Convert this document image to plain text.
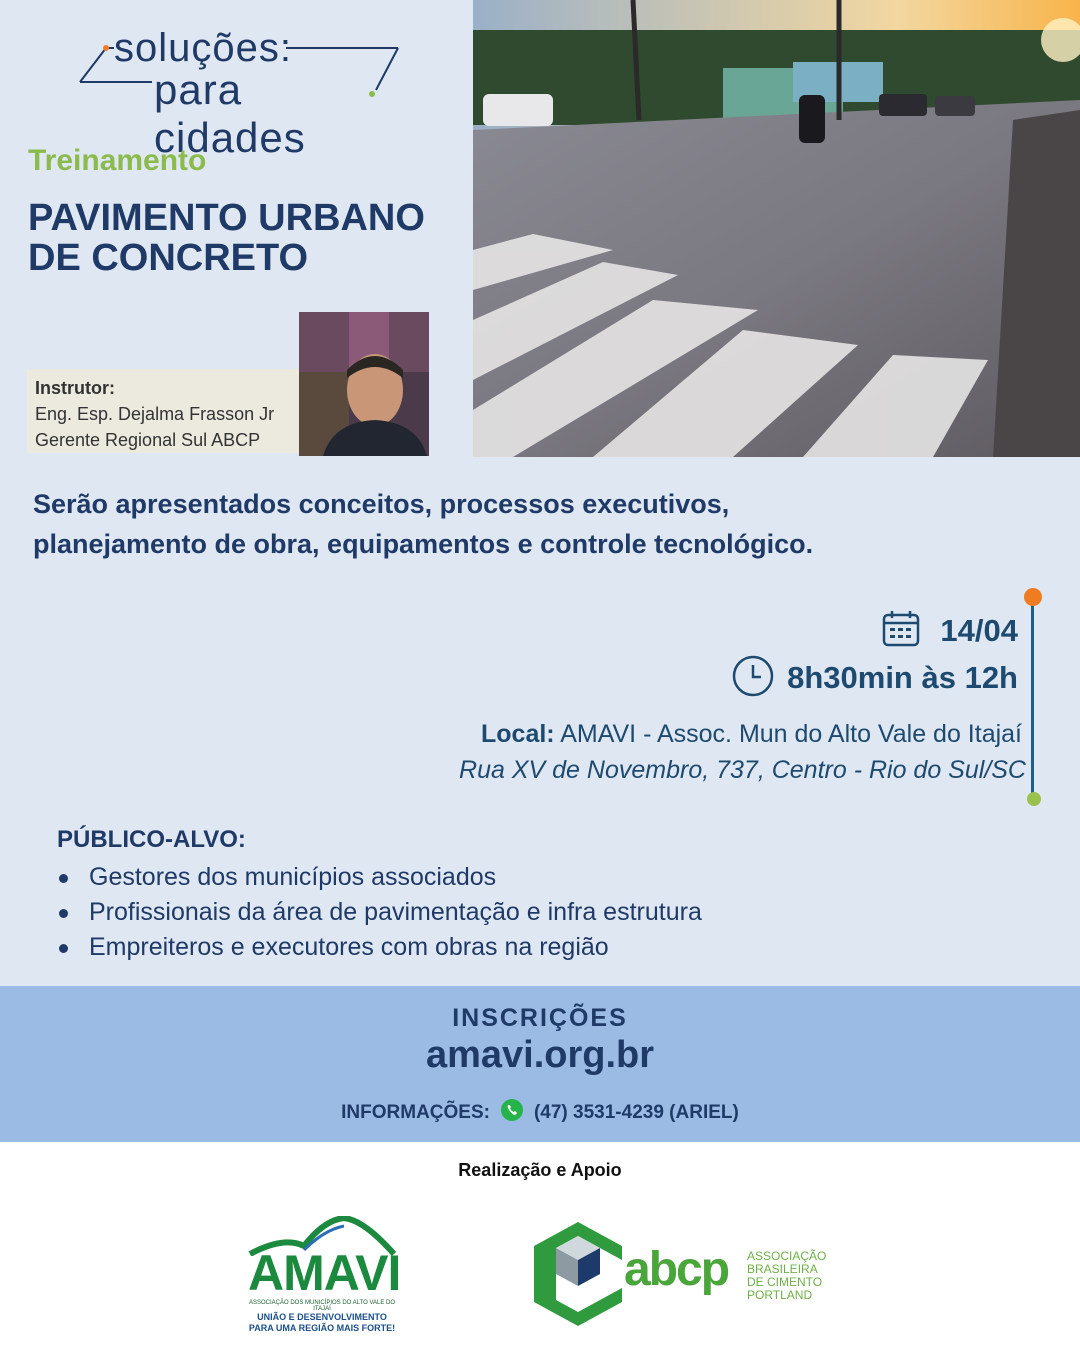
soluções:
para cidades
Treinamento
PAVIMENTO URBANO
DE CONCRETO
Instrutor:
Eng. Esp. Dejalma Frasson Jr
Gerente Regional Sul ABCP
Serão apresentados conceitos, processos executivos,
planejamento de obra, equipamentos e controle tecnológico.
14/04
8h30min às 12h
Local: AMAVI - Assoc. Mun do Alto Vale do Itajaí
Rua XV de Novembro, 737, Centro - Rio do Sul/SC
PÚBLICO-ALVO:
Gestores dos municípios associados
Profissionais da área de pavimentação e infra estrutura
Empreiteros e executores com obras na região
INSCRIÇÕES
amavi.org.br
INFORMAÇÕES: (47) 3531-4239 (ARIEL)
Realização e Apoio
AMAVI
ASSOCIAÇÃO DOS MUNICÍPIOS DO ALTO VALE DO ITAJAÍ
UNIÃO E DESENVOLVIMENTO
PARA UMA REGIÃO MAIS FORTE!
abcp ASSOCIAÇÃO
BRASILEIRA
DE CIMENTO
PORTLAND
